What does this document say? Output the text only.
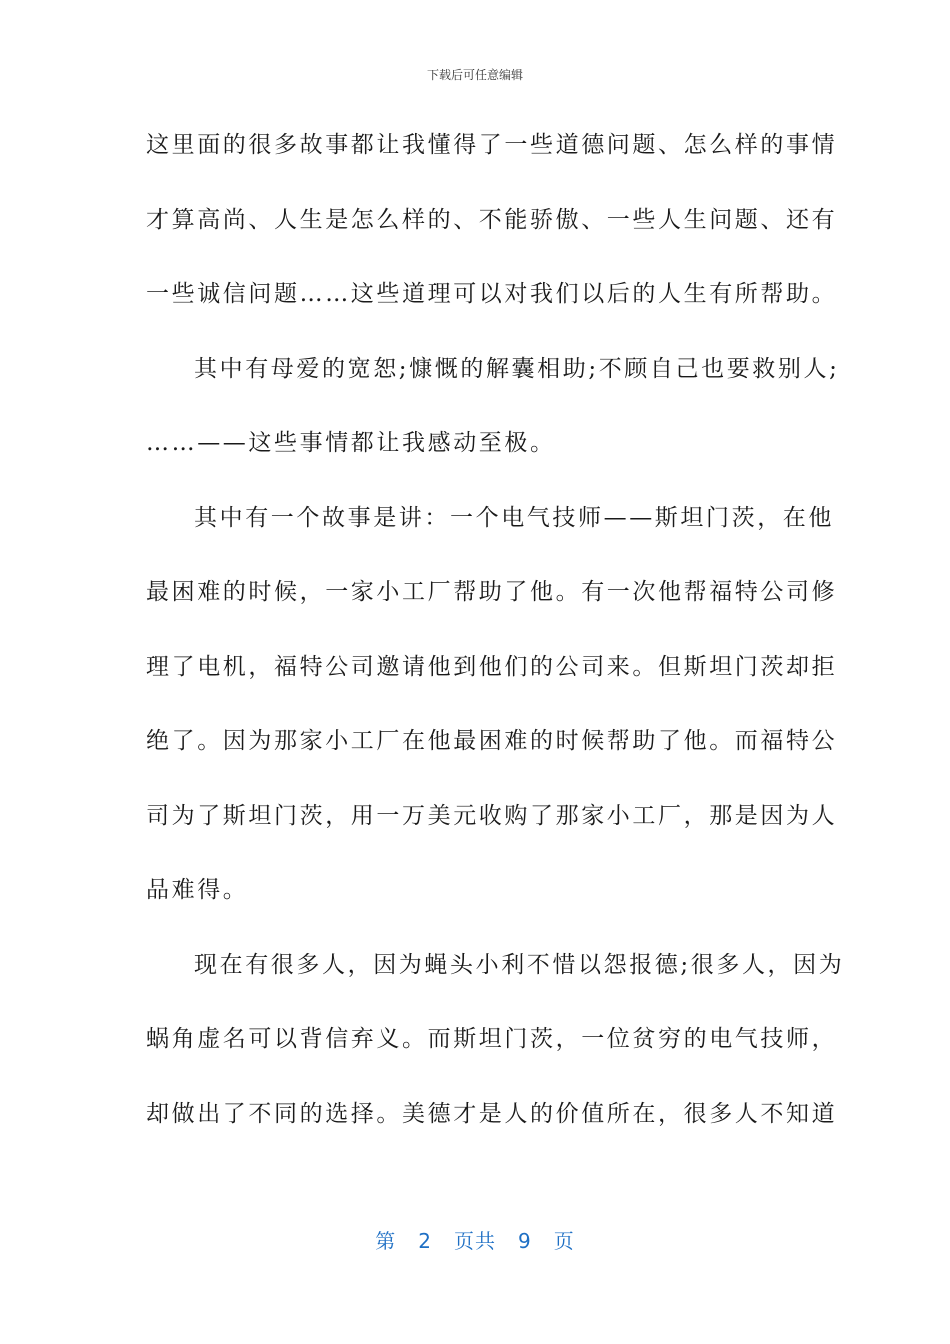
下载后可任意编辑

这里面的很多故事都让我懂得了一些道德问题、怎么样的事情

才算高尚、人生是怎么样的、不能骄傲、一些人生问题、还有

一些诚信问题……这些道理可以对我们以后的人生有所帮助。

其中有母爱的宽恕;慷慨的解囊相助;不顾自己也要救别人;

……——这些事情都让我感动至极。

其中有一个故事是讲：一个电气技师——斯坦门茨，在他

最困难的时候，一家小工厂帮助了他。有一次他帮福特公司修

理了电机，福特公司邀请他到他们的公司来。但斯坦门茨却拒

绝了。因为那家小工厂在他最困难的时候帮助了他。而福特公

司为了斯坦门茨，用一万美元收购了那家小工厂，那是因为人

品难得。

现在有很多人，因为蝇头小利不惜以怨报德;很多人，因为

蜗角虚名可以背信弃义。而斯坦门茨，一位贫穷的电气技师，

却做出了不同的选择。美德才是人的价值所在，很多人不知道

第 2 页共 9 页
